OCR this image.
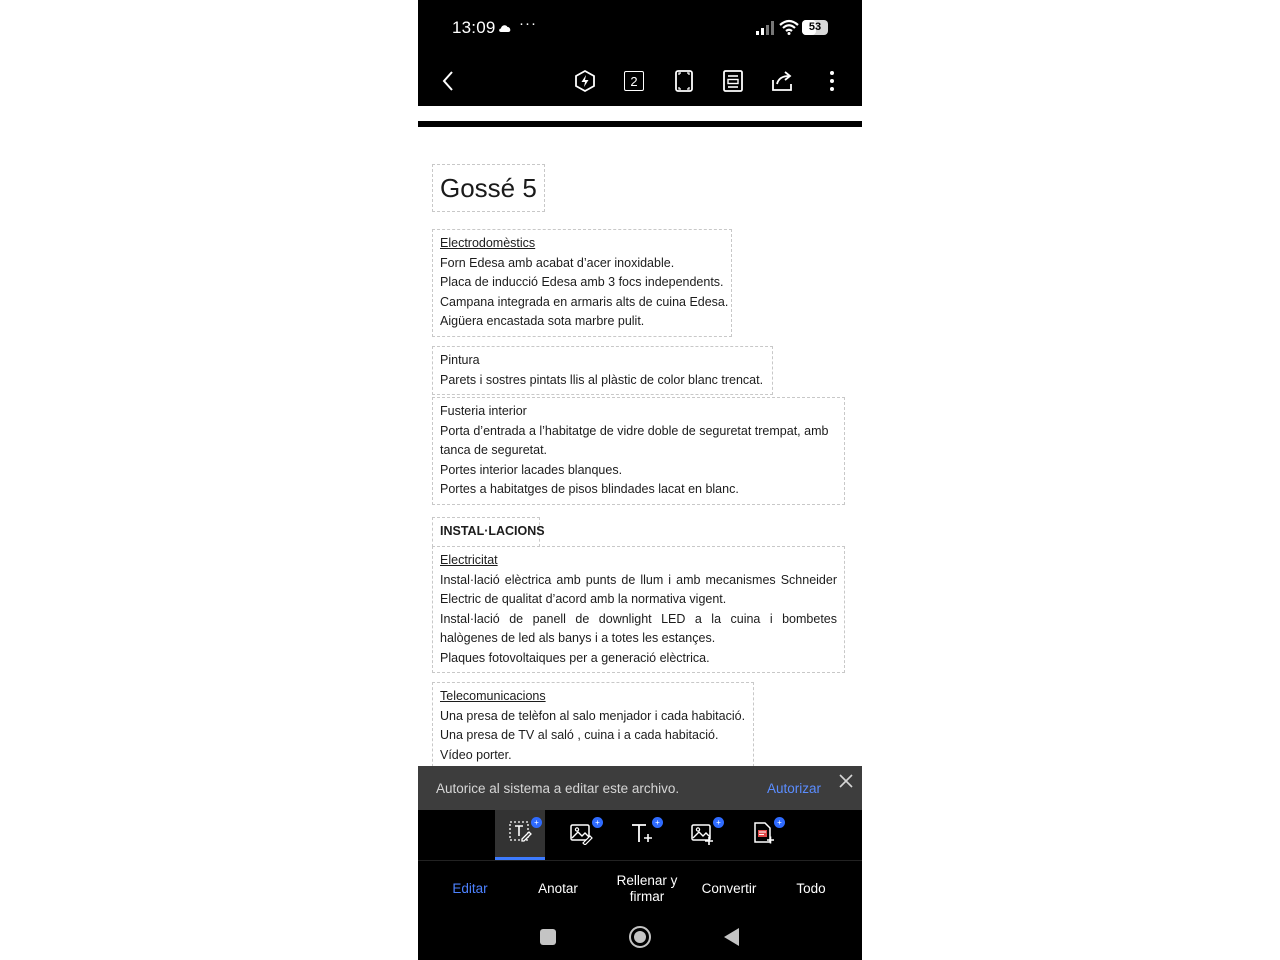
13:09 ···	53
2
Gossé 5
Electrodomèstics
Forn Edesa amb acabat d’acer inoxidable.
Placa de inducció Edesa amb 3 focs independents.
Campana integrada en armaris alts de cuina Edesa.
Aigüera encastada sota marbre pulit.
Pintura
Parets i sostres pintats llis al plàstic de color blanc trencat.
Fusteria interior
Porta d’entrada a l’habitatge de vidre doble de seguretat trempat, amb tanca de seguretat.
Portes interior lacades blanques.
Portes a habitatges de pisos blindades lacat en blanc.
INSTAL·LACIONS
Electricitat
Instal·lació elèctrica amb punts de llum i amb mecanismes Schneider Electric de qualitat d’acord amb la normativa vigent.
Instal·lació de panell de downlight LED a la cuina i bombetes halògenes de led als banys i a totes les estançes.
Plaques fotovoltaiques per a generació elèctrica.
Telecomunicacions
Una presa de telèfon al salo menjador i cada habitació.
Una presa de TV al saló , cuina i a cada habitació.
Vídeo porter.
Autorice al sistema a editar este archivo.	Autorizar
+	+	+	+	+
Editar	Anotar
Rellenar y firmar
Convertir	Todo
